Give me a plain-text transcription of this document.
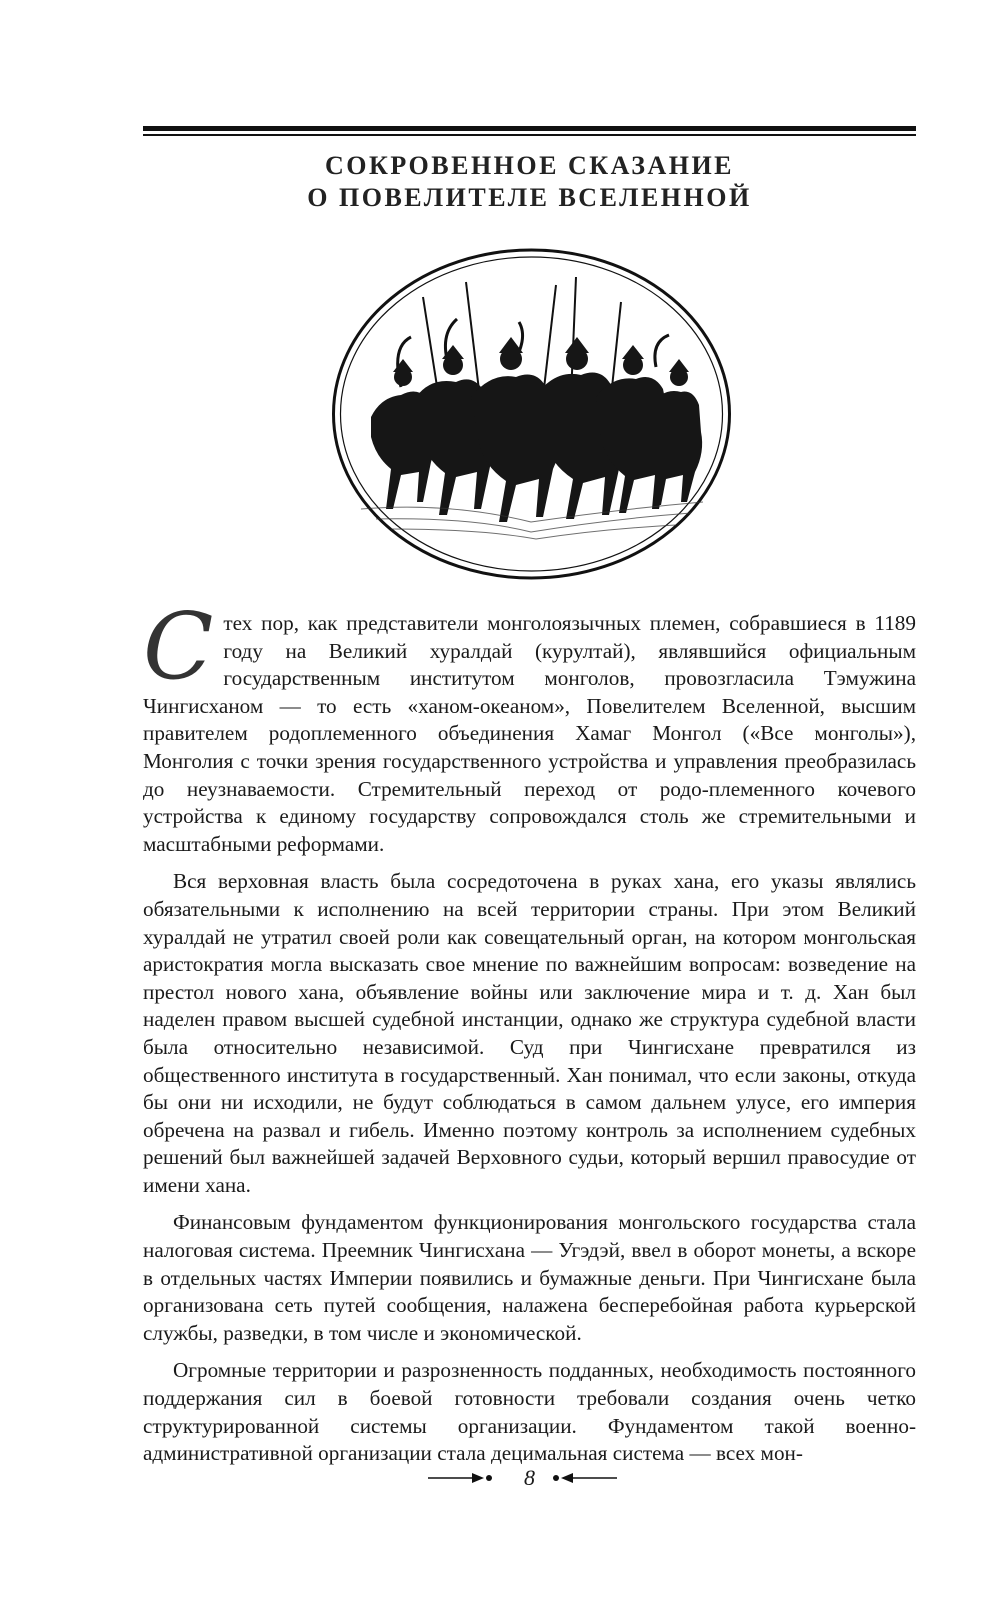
СОКРОВЕННОЕ СКАЗАНИЕ
О ПОВЕЛИТЕЛЕ ВСЕЛЕННОЙ

С тех пор, как представители монголоязычных племен, собравшиеся в 1189 году на Великий хуралдай (курултай), являвшийся официальным государственным институтом монголов, провозгласила Тэмужина Чингисханом — то есть «ханом-океаном», Повелителем Вселенной, высшим правителем родоплеменного объединения Хамаг Монгол («Все монголы»), Монголия с точки зрения государственного устройства и управления преобразилась до неузнаваемости. Стремительный переход от родо-племенного кочевого устройства к единому государству сопровождался столь же стремительными и масштабными реформами.

Вся верховная власть была сосредоточена в руках хана, его указы являлись обязательными к исполнению на всей территории страны. При этом Великий хуралдай не утратил своей роли как совещательный орган, на котором монгольская аристократия могла высказать свое мнение по важнейшим вопросам: возведение на престол нового хана, объявление войны или заключение мира и т. д. Хан был наделен правом высшей судебной инстанции, однако же структура судебной власти была относительно независимой. Суд при Чингисхане превратился из общественного института в государственный. Хан понимал, что если законы, откуда бы они ни исходили, не будут соблюдаться в самом дальнем улусе, его империя обречена на развал и гибель. Именно поэтому контроль за исполнением судебных решений был важнейшей задачей Верховного судьи, который вершил правосудие от имени хана.

Финансовым фундаментом функционирования монгольского государства стала налоговая система. Преемник Чингисхана — Угэдэй, ввел в оборот монеты, а вскоре в отдельных частях Империи появились и бумажные деньги. При Чингисхане была организована сеть путей сообщения, налажена бесперебойная работа курьерской службы, разведки, в том числе и экономической.

Огромные территории и разрозненность подданных, необходимость постоянного поддержания сил в боевой готовности требовали создания очень четко структурированной системы организации. Фундаментом такой военно-административной организации стала децимальная система — всех мон-

8
